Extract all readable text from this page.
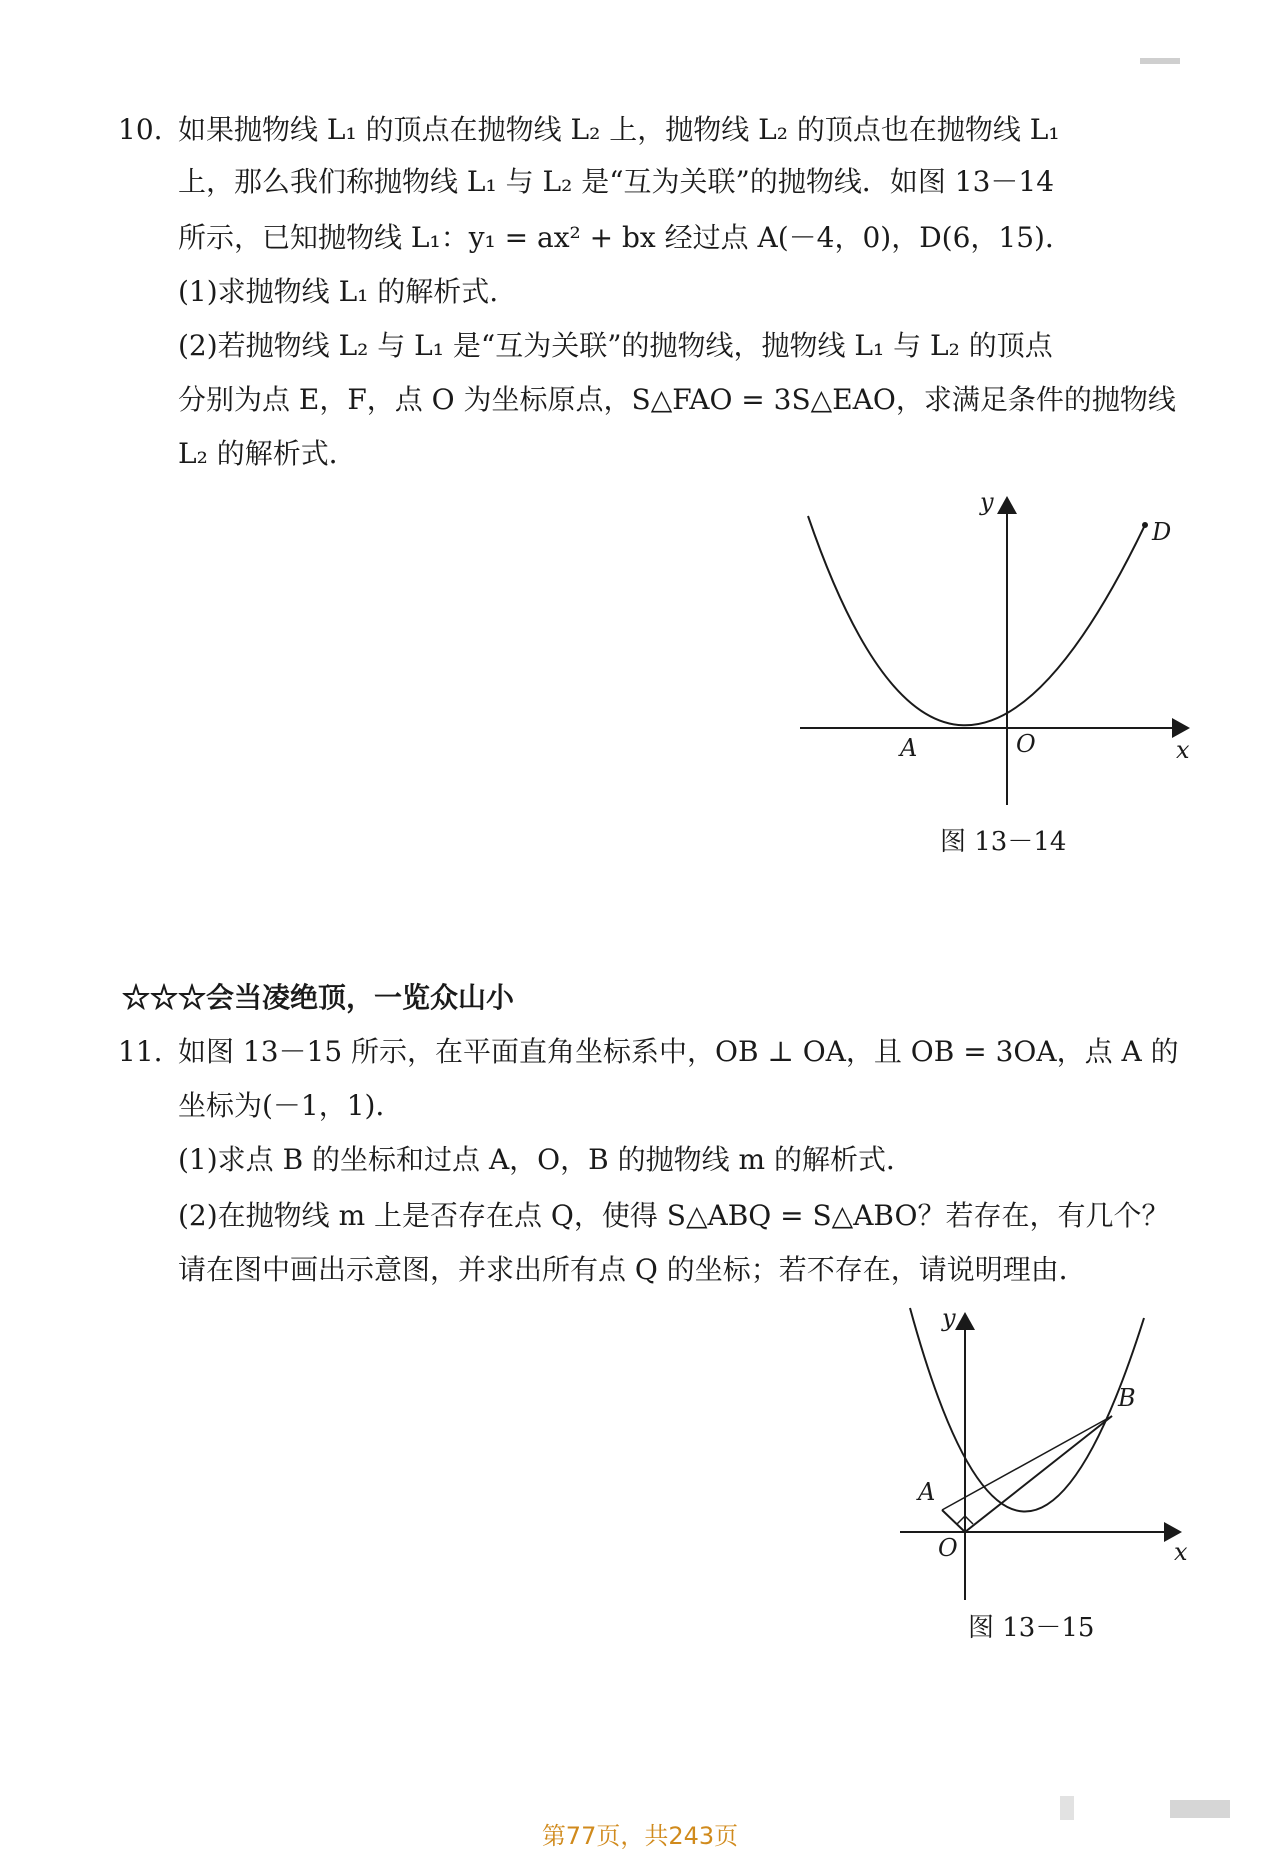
10. 如果抛物线 L₁ 的顶点在抛物线 L₂ 上，抛物线 L₂ 的顶点也在抛物线 L₁
上，那么我们称抛物线 L₁ 与 L₂ 是“互为关联”的抛物线．如图 13－14
所示，已知抛物线 L₁：y₁ = ax² + bx 经过点 A(－4，0)，D(6，15)．
(1)求抛物线 L₁ 的解析式.
(2)若抛物线 L₂ 与 L₁ 是“互为关联”的抛物线，抛物线 L₁ 与 L₂ 的顶点
分别为点 E，F，点 O 为坐标原点，S△FAO = 3S△EAO，求满足条件的抛物线
L₂ 的解析式．
y
D
A	O	x
图 13－14
☆☆☆会当凌绝顶，一览众山小
11. 如图 13－15 所示，在平面直角坐标系中，OB ⊥ OA，且 OB = 3OA，点 A 的
坐标为(－1，1)．
(1)求点 B 的坐标和过点 A，O，B 的抛物线 m 的解析式．
(2)在抛物线 m 上是否存在点 Q，使得 S△ABQ = S△ABO？若存在，有几个？
请在图中画出示意图，并求出所有点 Q 的坐标；若不存在，请说明理由．
y
B
A
O	x
图 13－15
第77页，共243页
